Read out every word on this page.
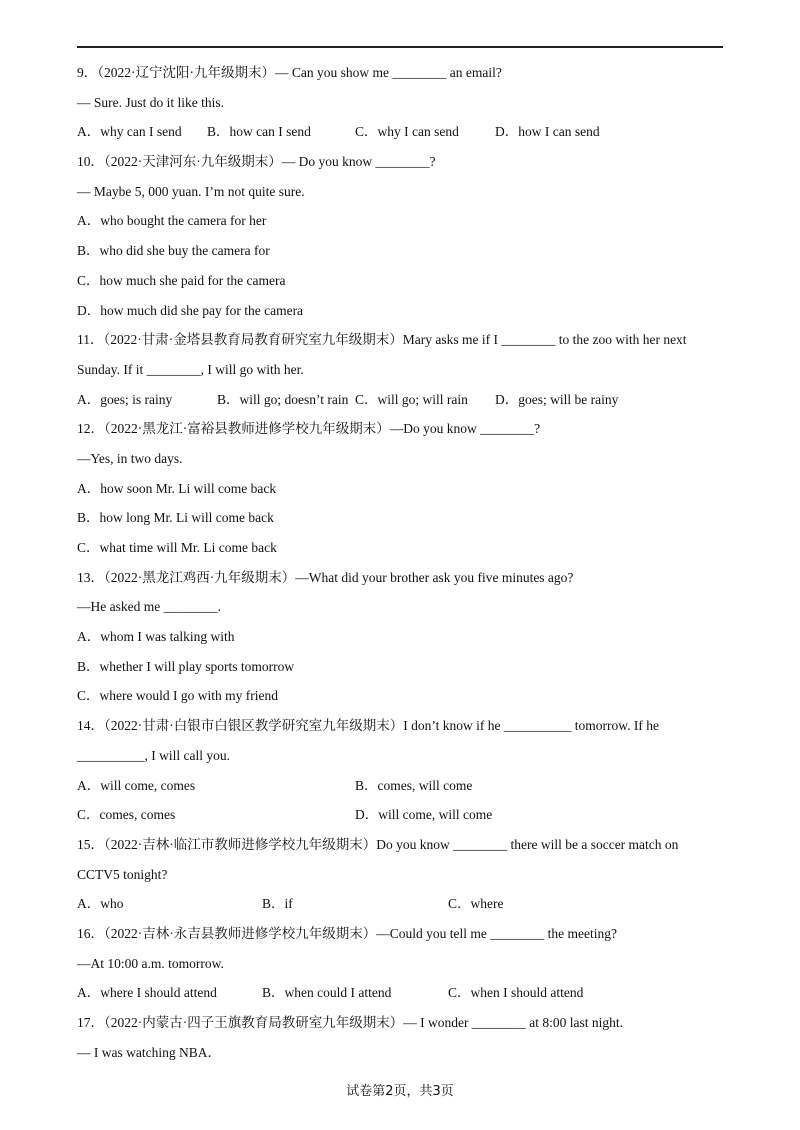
9．（2022·辽宁沈阳·九年级期末）— Can you show me ________ an email?
— Sure. Just do it like this.
A．why can I send B．how can I send	C．why I can send	D．how I can send
10．（2022·天津河东·九年级期末）— Do you know ________?
— Maybe 5, 000 yuan. I’m not quite sure.
A．who bought the camera for her
B．who did she buy the camera for
C．how much she paid for the camera
D．how much did she pay for the camera
11．（2022·甘肃·金塔县教育局教育研究室九年级期末）Mary asks me if I ________ to the zoo with her next
Sunday. If it ________, I will go with her.
A．goes; is rainy	B．will go; doesn’t rain C．will go; will rain D．goes; will be rainy
12．（2022·黑龙江·富裕县教师进修学校九年级期末）—Do you know ________?
—Yes, in two days.
A．how soon Mr. Li will come back
B．how long Mr. Li will come back
C．what time will Mr. Li come back
13．（2022·黑龙江鸡西·九年级期末）—What did your brother ask you five minutes ago?
—He asked me ________.
A．whom I was talking with
B．whether I will play sports tomorrow
C．where would I go with my friend
14．（2022·甘肃·白银市白银区教学研究室九年级期末）I don’t know if he __________ tomorrow. If he
__________, I will call you.
A．will come, comes	B．comes, will come
C．comes, comes	D．will come, will come
15．（2022·吉林·临江市教师进修学校九年级期末）Do you know ________ there will be a soccer match on
CCTV5 tonight?
A．who	B．if	C．where
16．（2022·吉林·永吉县教师进修学校九年级期末）—Could you tell me ________ the meeting?
—At 10:00 a.m. tomorrow.
A．where I should attend	B．when could I attend	C．when I should attend
17．（2022·内蒙古·四子王旗教育局教研室九年级期末）— I wonder ________ at 8:00 last night.
— I was watching NBA．
试卷第2页，共3页
